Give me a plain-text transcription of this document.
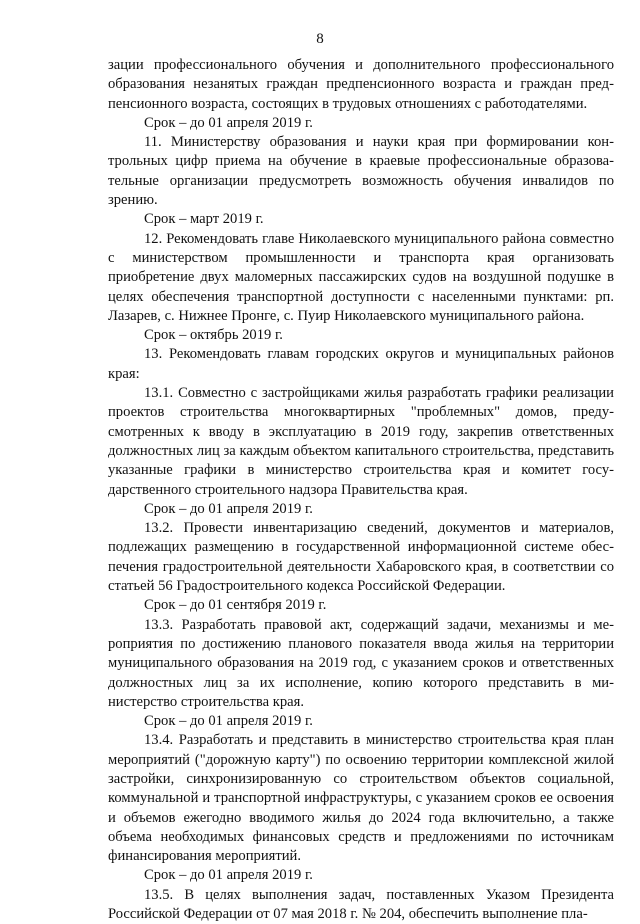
8

зации профессионального обучения и дополнительного профессионального образования незанятых граждан предпенсионного возраста и граждан предпенсионного возраста, состоящих в трудовых отношениях с работодателями.

Срок – до 01 апреля 2019 г.

11. Министерству образования и науки края при формировании контрольных цифр приема на обучение в краевые профессиональные образовательные организации предусмотреть возможность обучения инвалидов по зрению.

Срок – март 2019 г.

12. Рекомендовать главе Николаевского муниципального района совместно с министерством промышленности и транспорта края организовать приобретение двух маломерных пассажирских судов на воздушной подушке в целях обеспечения транспортной доступности с населенными пунктами: рп. Лазарев, с. Нижнее Пронге, с. Пуир Николаевского муниципального района.

Срок – октябрь 2019 г.

13. Рекомендовать главам городских округов и муниципальных районов края:

13.1. Совместно с застройщиками жилья разработать графики реализации проектов строительства многоквартирных "проблемных" домов, предусмотренных к вводу в эксплуатацию в 2019 году, закрепив ответственных должностных лиц за каждым объектом капитального строительства, представить указанные графики в министерство строительства края и комитет государственного строительного надзора Правительства края.

Срок – до 01 апреля 2019 г.

13.2. Провести инвентаризацию сведений, документов и материалов, подлежащих размещению в государственной информационной системе обеспечения градостроительной деятельности Хабаровского края, в соответствии со статьей 56 Градостроительного кодекса Российской Федерации.

Срок – до 01 сентября 2019 г.

13.3. Разработать правовой акт, содержащий задачи, механизмы и мероприятия по достижению планового показателя ввода жилья на территории муниципального образования на 2019 год, с указанием сроков и ответственных должностных лиц за их исполнение, копию которого представить в министерство строительства края.

Срок – до 01 апреля 2019 г.

13.4. Разработать и представить в министерство строительства края план мероприятий ("дорожную карту") по освоению территории комплексной жилой застройки, синхронизированную со строительством объектов социальной, коммунальной и транспортной инфраструктуры, с указанием сроков ее освоения и объемов ежегодно вводимого жилья до 2024 года включительно, а также объема необходимых финансовых средств и предложениями по источникам финансирования мероприятий.

Срок – до 01 апреля 2019 г.

13.5. В целях выполнения задач, поставленных Указом Президента Российской Федерации от 07 мая 2018 г. № 204, обеспечить выполнение пла-
